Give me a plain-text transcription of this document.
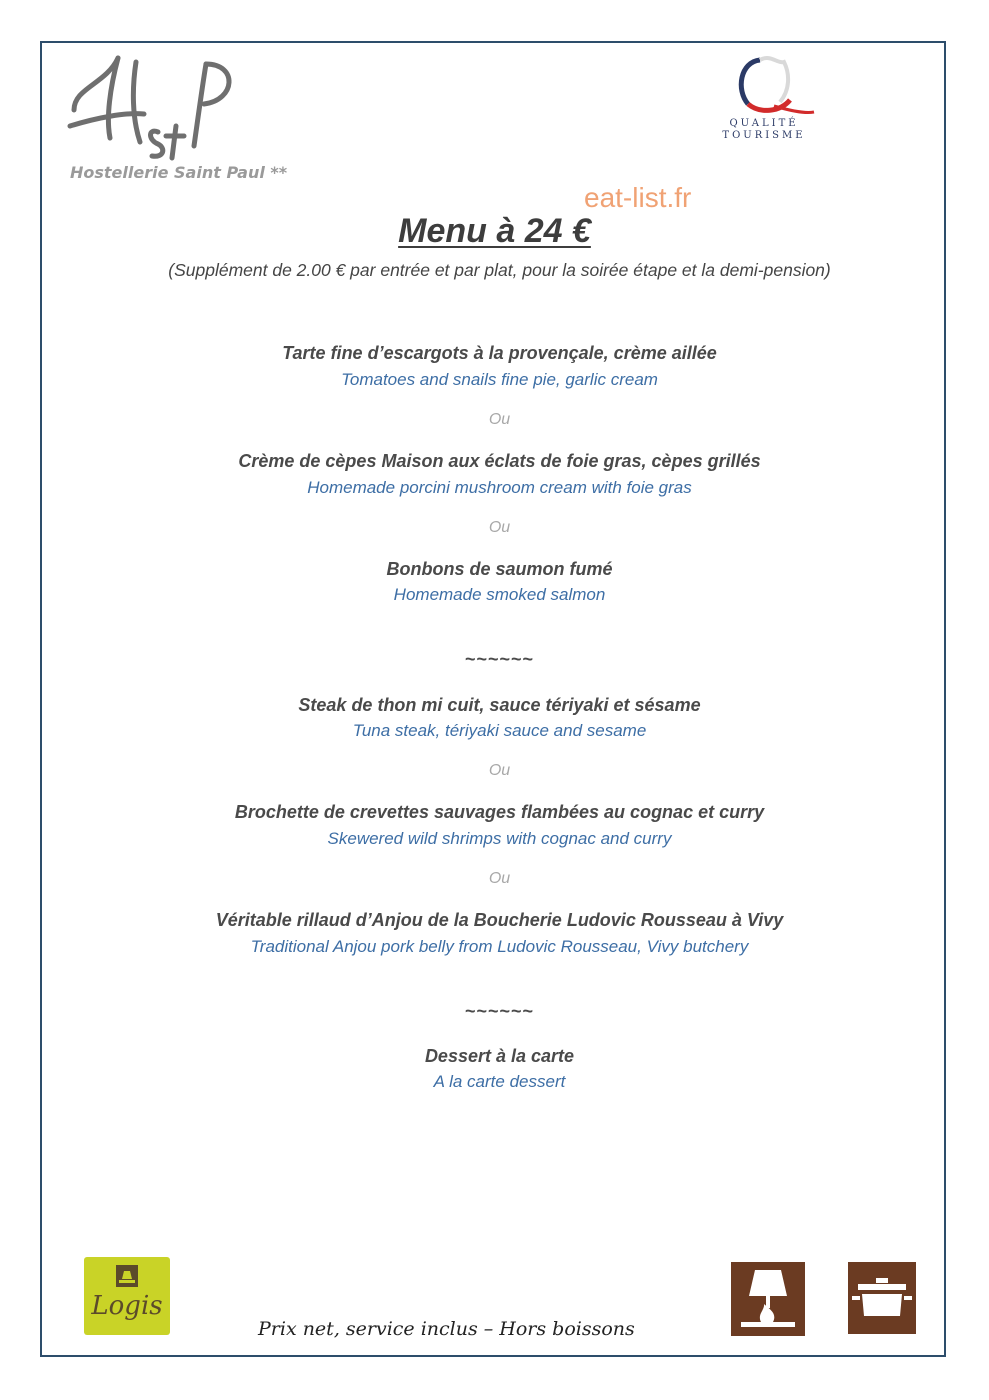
Hostellerie Saint Paul **
QUALITÉ TOURISME
eat-list.fr
Menu à 24 €
(Supplément de 2.00 € par entrée et par plat, pour la soirée étape et la demi-pension)
Tarte fine d’escargots à la provençale, crème aillée
Tomatoes and snails fine pie, garlic cream
Ou
Crème de cèpes Maison aux éclats de foie gras, cèpes grillés
Homemade porcini mushroom cream with foie gras
Ou
Bonbons de saumon fumé
Homemade smoked salmon
~~~~~~
Steak de thon mi cuit, sauce tériyaki et sésame
Tuna steak, tériyaki sauce and sesame
Ou
Brochette de crevettes sauvages flambées au cognac et curry
Skewered wild shrimps with cognac and curry
Ou
Véritable rillaud d’Anjou de la Boucherie Ludovic Rousseau à Vivy
Traditional Anjou pork belly from Ludovic Rousseau, Vivy butchery
~~~~~~
Dessert à la carte
A la carte dessert
Logis
Prix net, service inclus – Hors boissons
